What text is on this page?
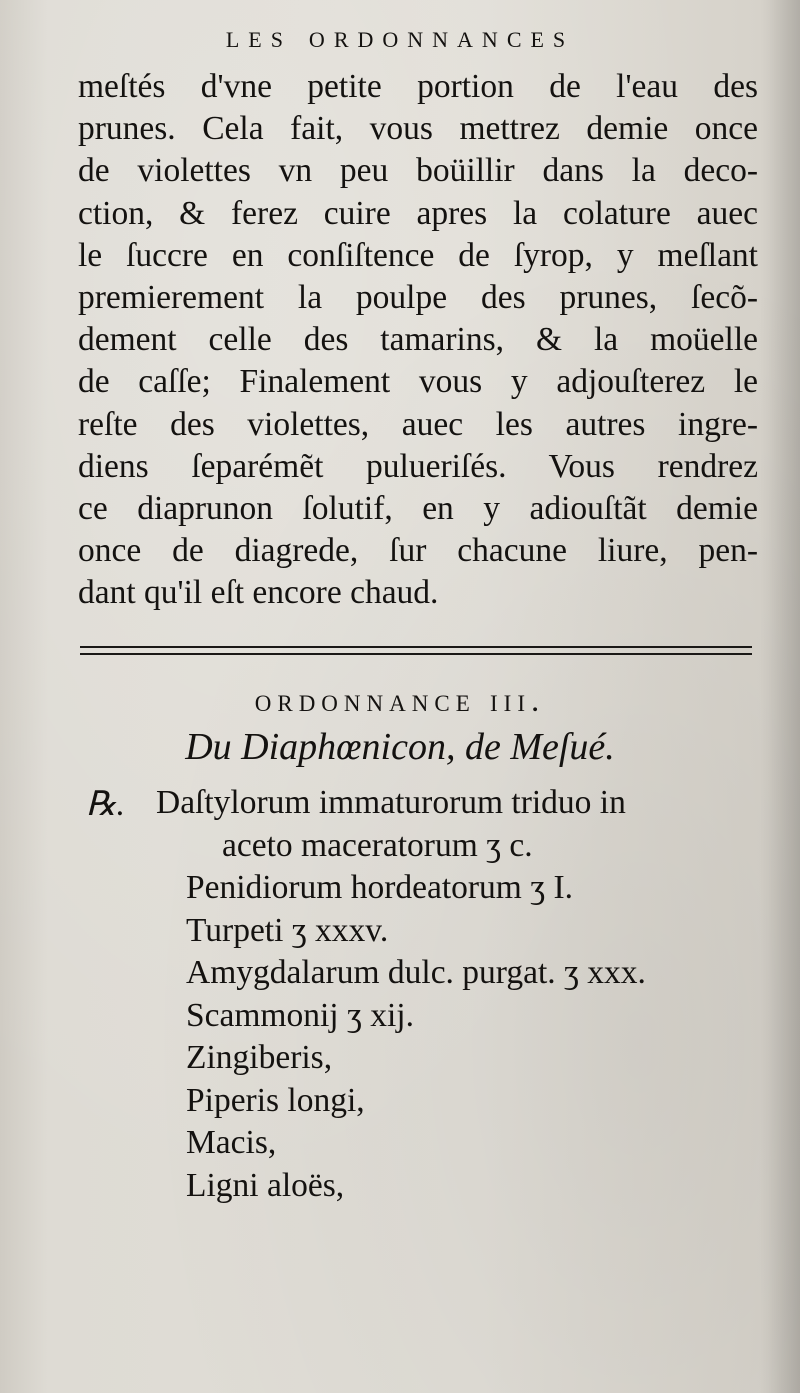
les ordonnances
meſtés d'vne petite portion de l'eau des
prunes. Cela fait, vous mettrez demie once
de violettes vn peu boüillir dans la deco-
ction, & ferez cuire apres la colature auec
le ſuccre en conſiſtence de ſyrop, y meſlant
premierement la poulpe des prunes, ſecõ-
dement celle des tamarins, & la moüelle
de caſſe; Finalement vous y adjouſterez le
reſte des violettes, auec les autres ingre-
diens ſeparémẽt pulueriſés. Vous rendrez
ce diaprunon ſolutif, en y adiouſtãt demie
once de diagrede, ſur chacune liure, pen-
dant qu'il eſt encore chaud.
ordonnance iii.
Du Diaphœnicon, de Meſué.
℞. Daſtylorum immaturorum triduo in
aceto maceratorum ʒ c.
Penidiorum hordeatorum ʒ I.
Turpeti ʒ xxxv.
Amygdalarum dulc. purgat. ʒ xxx.
Scammonij ʒ xij.
Zingiberis,
Piperis longi,
Macis,
Ligni aloës,
